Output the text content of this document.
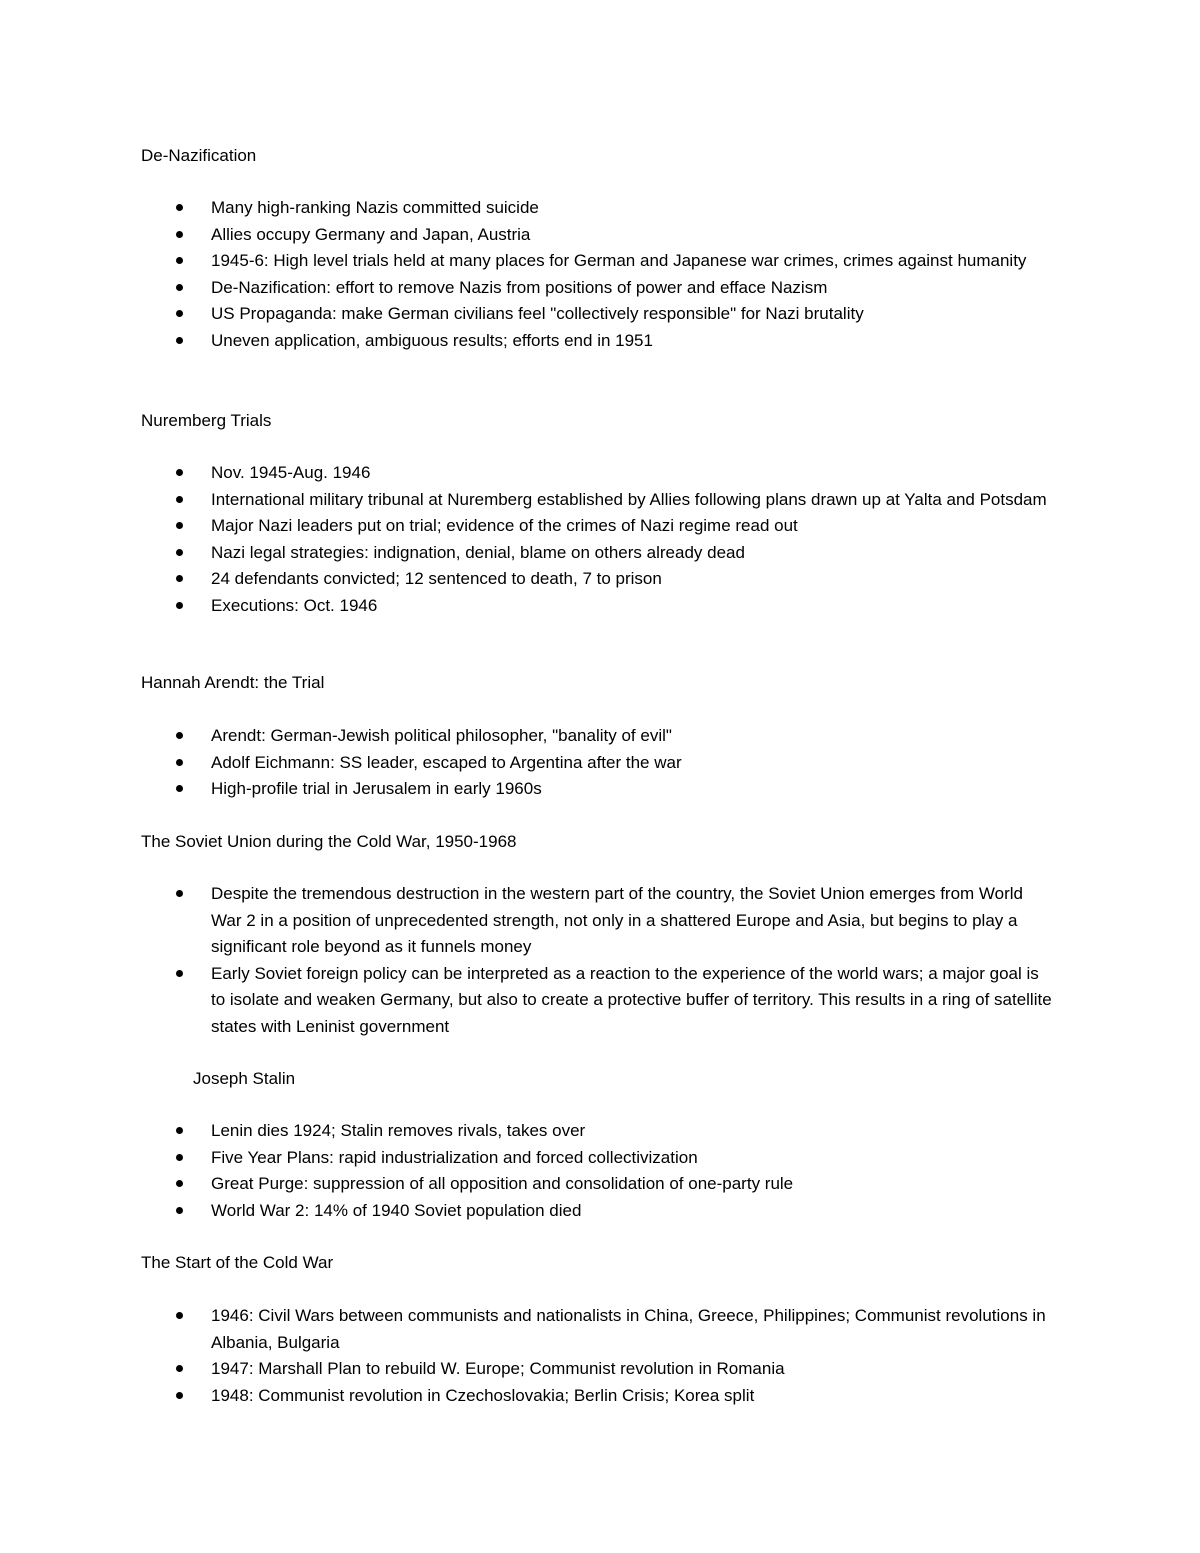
De-Nazification
Many high-ranking Nazis committed suicide
Allies occupy Germany and Japan, Austria
1945-6: High level trials held at many places for German and Japanese war crimes, crimes against humanity
De-Nazification: effort to remove Nazis from positions of power and efface Nazism
US Propaganda: make German civilians feel "collectively responsible" for Nazi brutality
Uneven application, ambiguous results; efforts end in 1951
Nuremberg Trials
Nov. 1945-Aug. 1946
International military tribunal at Nuremberg established by Allies following plans drawn up at Yalta and Potsdam
Major Nazi leaders put on trial; evidence of the crimes of Nazi regime read out
Nazi legal strategies: indignation, denial, blame on others already dead
24 defendants convicted; 12 sentenced to death, 7 to prison
Executions: Oct. 1946
Hannah Arendt: the Trial
Arendt: German-Jewish political philosopher, "banality of evil"
Adolf Eichmann: SS leader, escaped to Argentina after the war
High-profile trial in Jerusalem in early 1960s
The Soviet Union during the Cold War, 1950-1968
Despite the tremendous destruction in the western part of the country, the Soviet Union emerges from World War 2 in a position of unprecedented strength, not only in a shattered Europe and Asia, but begins to play a significant role beyond as it funnels money
Early Soviet foreign policy can be interpreted as a reaction to the experience of the world wars; a major goal is to isolate and weaken Germany, but also to create a protective buffer of territory. This results in a ring of satellite states with Leninist government
Joseph Stalin
Lenin dies 1924; Stalin removes rivals, takes over
Five Year Plans: rapid industrialization and forced collectivization
Great Purge: suppression of all opposition and consolidation of one-party rule
World War 2: 14% of 1940 Soviet population died
The Start of the Cold War
1946: Civil Wars between communists and nationalists in China, Greece, Philippines; Communist revolutions in Albania, Bulgaria
1947: Marshall Plan to rebuild W. Europe; Communist revolution in Romania
1948: Communist revolution in Czechoslovakia; Berlin Crisis; Korea split
